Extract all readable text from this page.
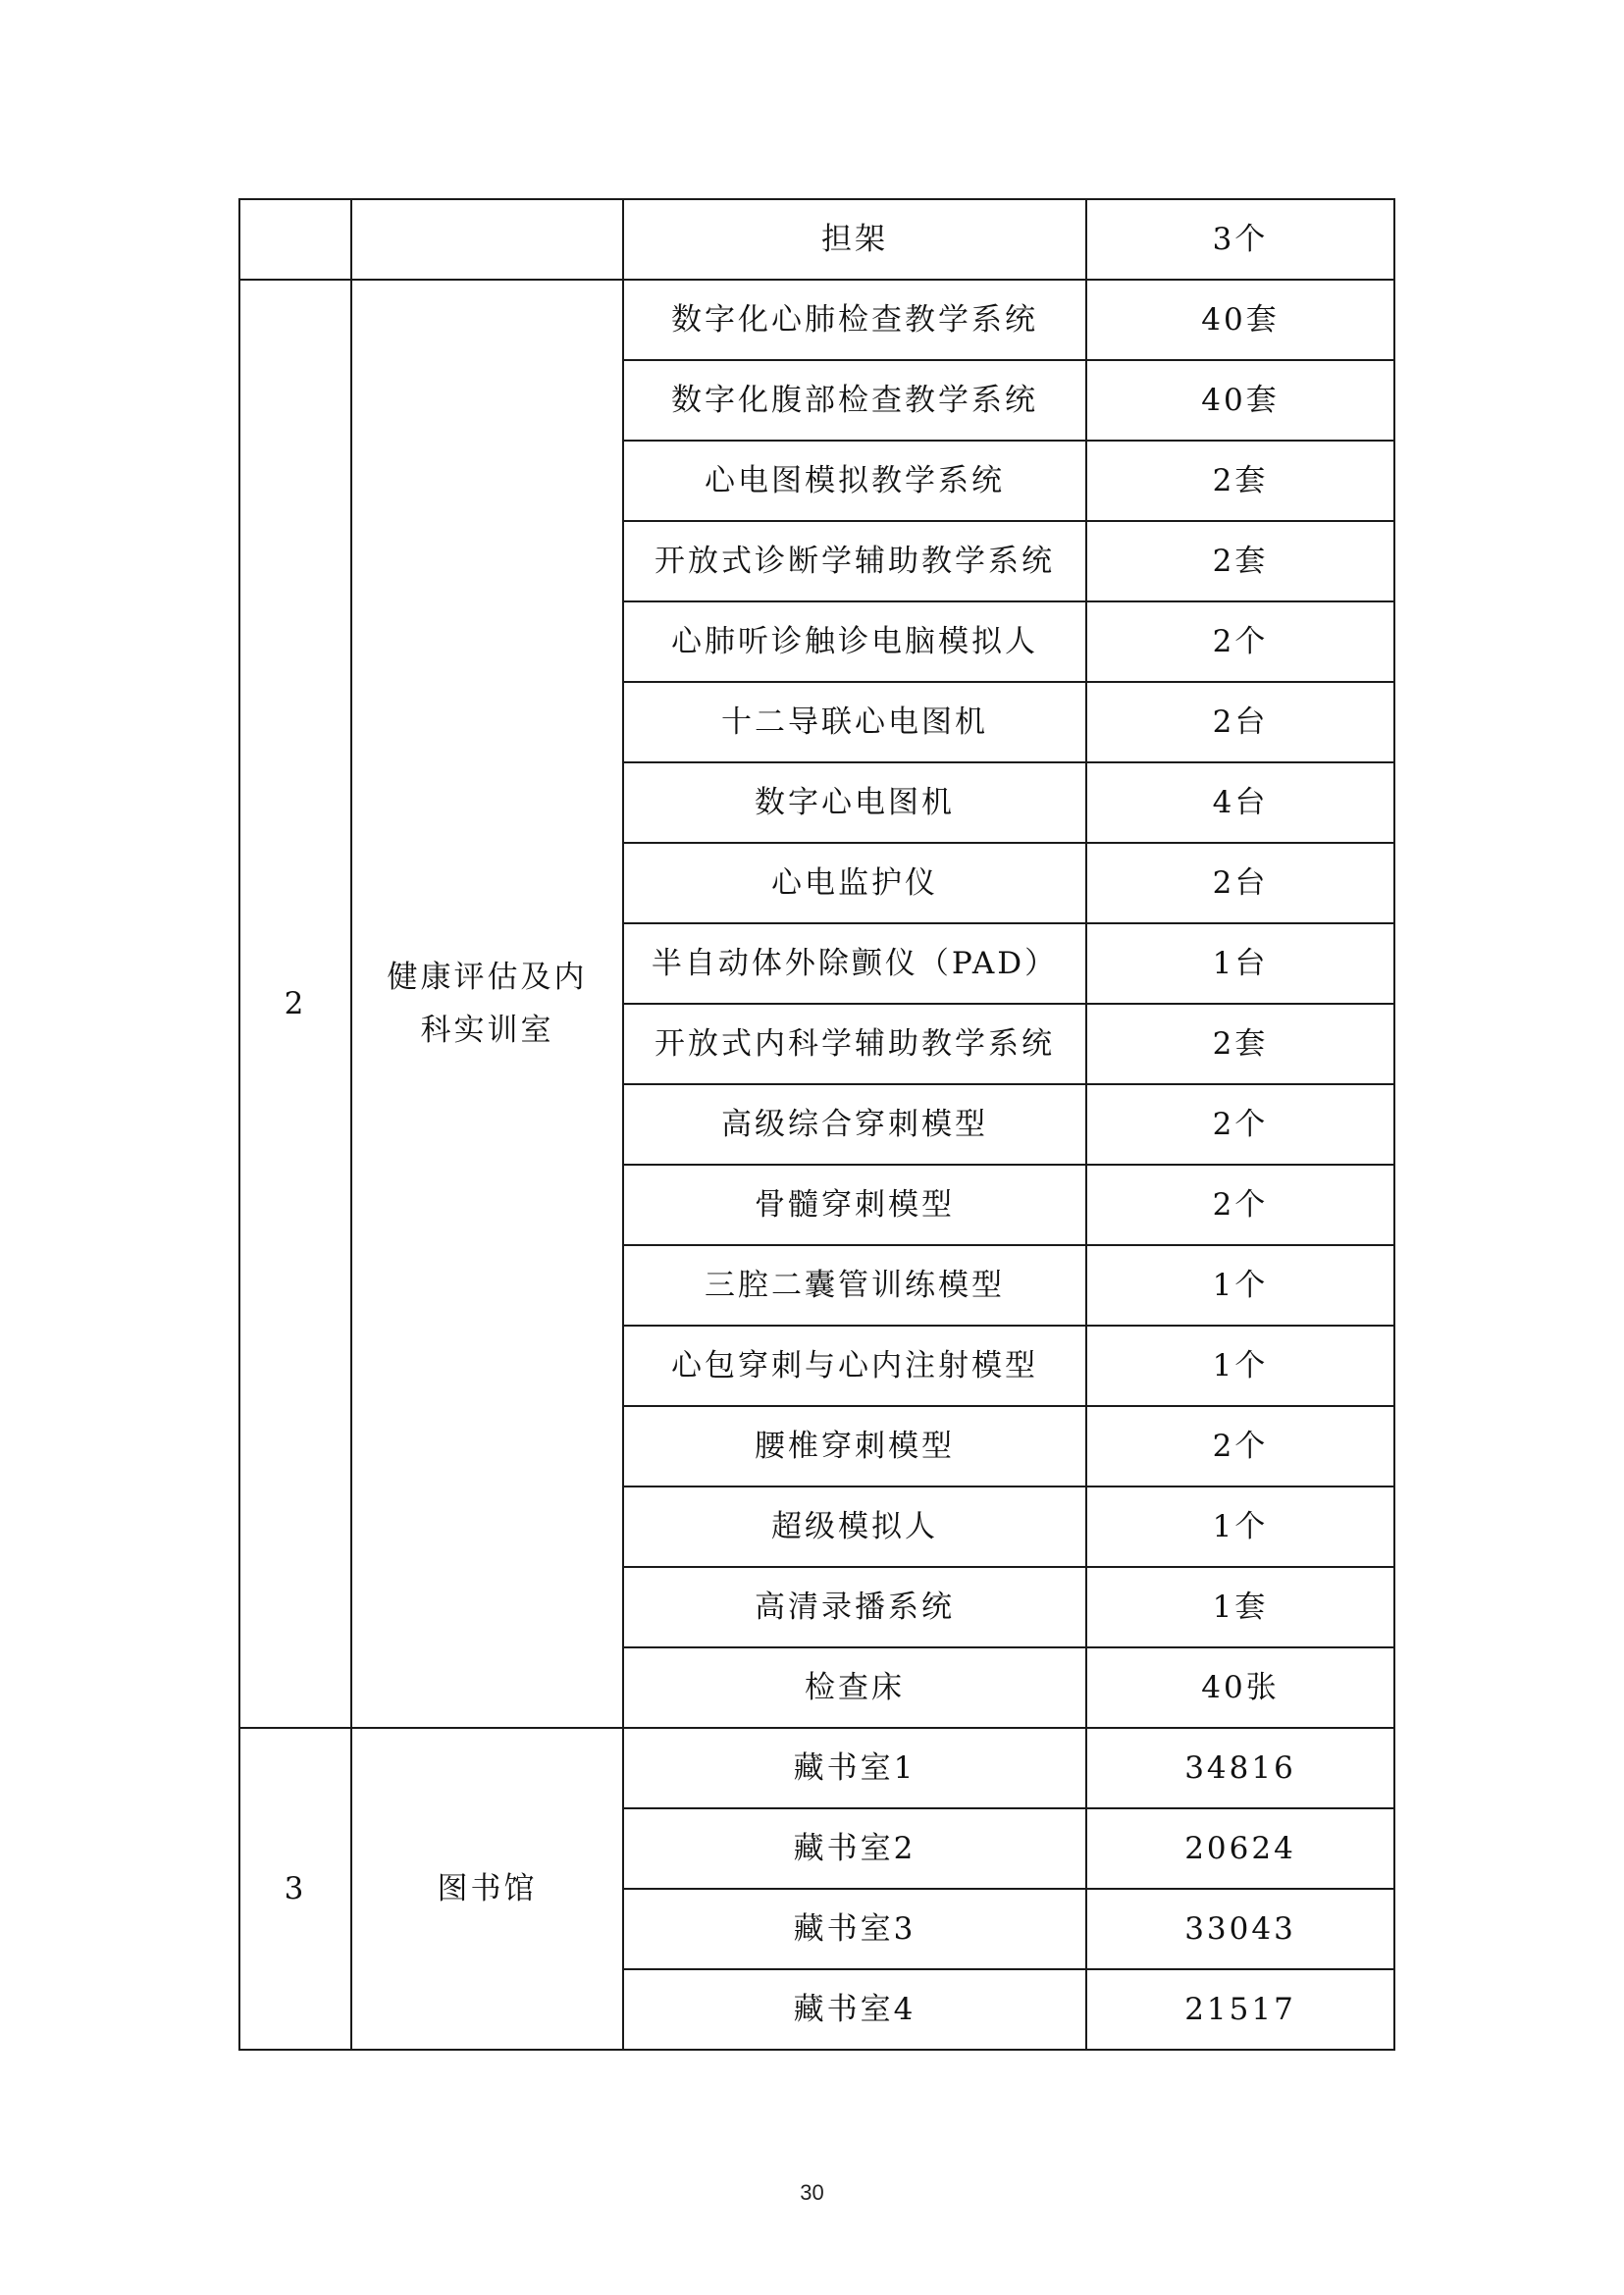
		担架	3个
2	健康评估及内科实训室	数字化心肺检查教学系统	40套
		数字化腹部检查教学系统	40套
		心电图模拟教学系统	2套
		开放式诊断学辅助教学系统	2套
		心肺听诊触诊电脑模拟人	2个
		十二导联心电图机	2台
		数字心电图机	4台
		心电监护仪	2台
		半自动体外除颤仪（PAD）	1台
		开放式内科学辅助教学系统	2套
		高级综合穿刺模型	2个
		骨髓穿刺模型	2个
		三腔二囊管训练模型	1个
		心包穿刺与心内注射模型	1个
		腰椎穿刺模型	2个
		超级模拟人	1个
		高清录播系统	1套
		检查床	40张
3	图书馆	藏书室1	34816
		藏书室2	20624
		藏书室3	33043
		藏书室4	21517
30
